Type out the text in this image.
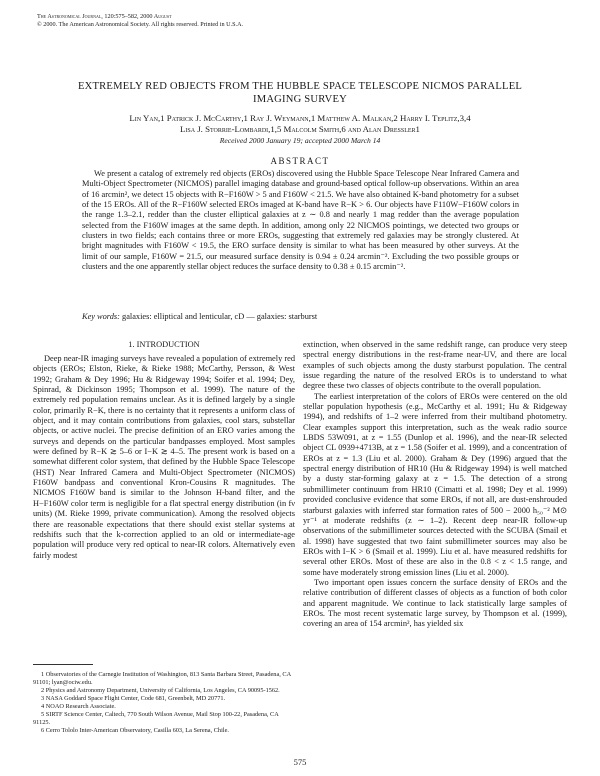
The Astronomical Journal, 120:575–582, 2000 August
© 2000. The American Astronomical Society. All rights reserved. Printed in U.S.A.
EXTREMELY RED OBJECTS FROM THE HUBBLE SPACE TELESCOPE NICMOS PARALLEL
IMAGING SURVEY
Lin Yan,1 Patrick J. McCarthy,1 Ray J. Weymann,1 Matthew A. Malkan,2 Harry I. Teplitz,3,4
Lisa J. Storrie-Lombardi,1,5 Malcolm Smith,6 and Alan Dressler1
Received 2000 January 19; accepted 2000 March 14
ABSTRACT
We present a catalog of extremely red objects (EROs) discovered using the Hubble Space Telescope Near Infrared Camera and Multi-Object Spectrometer (NICMOS) parallel imaging database and ground-based optical follow-up observations. Within an area of 16 arcmin², we detect 15 objects with R−F160W > 5 and F160W < 21.5. We have also obtained K-band photometry for a subset of the 15 EROs. All of the R−F160W selected EROs imaged at K-band have R−K > 6. Our objects have F110W−F160W colors in the range 1.3–2.1, redder than the cluster elliptical galaxies at z ∼ 0.8 and nearly 1 mag redder than the average population selected from the F160W images at the same depth. In addition, among only 22 NICMOS pointings, we detected two groups or clusters in two fields; each contains three or more EROs, suggesting that extremely red galaxies may be strongly clustered. At bright magnitudes with F160W < 19.5, the ERO surface density is similar to what has been measured by other surveys. At the limit of our sample, F160W = 21.5, our measured surface density is 0.94 ± 0.24 arcmin⁻². Excluding the two possible groups or clusters and the one apparently stellar object reduces the surface density to 0.38 ± 0.15 arcmin⁻².
Key words: galaxies: elliptical and lenticular, cD — galaxies: starburst
1. INTRODUCTION

Deep near-IR imaging surveys have revealed a population of extremely red objects (EROs; Elston, Rieke, & Rieke 1988; McCarthy, Persson, & West 1992; Graham & Dey 1996; Hu & Ridgeway 1994; Soifer et al. 1994; Dey, Spinrad, & Dickinson 1995; Thompson et al. 1999). The nature of the extremely red population remains unclear. As it is defined largely by a single color, primarily R−K, there is no certainty that it represents a uniform class of object, and it may contain contributions from galaxies, cool stars, substellar objects, or active nuclei. The precise definition of an ERO varies among the surveys and depends on the particular bandpasses employed. Most samples were defined by R−K ≳ 5–6 or I−K ≳ 4–5. The present work is based on a somewhat different color system, that defined by the Hubble Space Telescope (HST) Near Infrared Camera and Multi-Object Spectrometer (NICMOS) F160W bandpass and conventional Kron-Cousins R magnitudes. The NICMOS F160W band is similar to the Johnson H-band filter, and the H−F160W color term is negligible for a flat spectral energy distribution (in fν units) (M. Rieke 1999, private communication). Among the resolved objects there are reasonable expectations that there should exist stellar systems at redshifts such that the k-correction applied to an old or intermediate-age population will produce very red optical to near-IR colors. Alternatively even fairly modest

1 Observatories of the Carnegie Institution of Washington, 813 Santa Barbara Street, Pasadena, CA 91101; lyan@ociw.edu.
2 Physics and Astronomy Department, University of California, Los Angeles, CA 90095-1562.
3 NASA Goddard Space Flight Center, Code 681, Greenbelt, MD 20771.
4 NOAO Research Associate.
5 SIRTF Science Center, Caltech, 770 South Wilson Avenue, Mail Stop 100-22, Pasadena, CA 91125.
6 Cerro Tololo Inter-American Observatory, Casilla 603, La Serena, Chile.

extinction, when observed in the same redshift range, can produce very steep spectral energy distributions in the rest-frame near-UV, and there are local examples of such objects among the dusty starburst population. The central issue regarding the nature of the resolved EROs is to understand to what degree these two classes of objects contribute to the overall population.

The earliest interpretation of the colors of EROs were centered on the old stellar population hypothesis (e.g., McCarthy et al. 1991; Hu & Ridgeway 1994), and redshifts of 1–2 were inferred from their multiband photometry. Clear examples support this interpretation, such as the weak radio source LBDS 53W091, at z = 1.55 (Dunlop et al. 1996), and the near-IR selected object CL 0939+4713B, at z = 1.58 (Soifer et al. 1999), and a concentration of EROs at z = 1.3 (Liu et al. 2000). Graham & Dey (1996) argued that the spectral energy distribution of HR10 (Hu & Ridgeway 1994) is well matched by a dusty star-forming galaxy at z = 1.5. The detection of a strong submillimeter continuum from HR10 (Cimatti et al. 1998; Dey et al. 1999) provided conclusive evidence that some EROs, if not all, are dust-enshrouded starburst galaxies with inferred star formation rates of 500 − 2000 h₅₀⁻² M⊙ yr⁻¹ at moderate redshifts (z ∼ 1–2). Recent deep near-IR follow-up observations of the submillimeter sources detected with the SCUBA (Smail et al. 1998) have suggested that two faint submillimeter sources may also be EROs with I−K > 6 (Smail et al. 1999). Liu et al. have measured redshifts for several other EROs. Most of these are also in the 0.8 < z < 1.5 range, and some have moderately strong emission lines (Liu et al. 2000).

Two important open issues concern the surface density of EROs and the relative contribution of different classes of objects as a function of both color and apparent magnitude. We continue to lack statistically large samples of EROs. The most recent systematic large survey, by Thompson et al. (1999), covering an area of 154 arcmin², has yielded six

575
